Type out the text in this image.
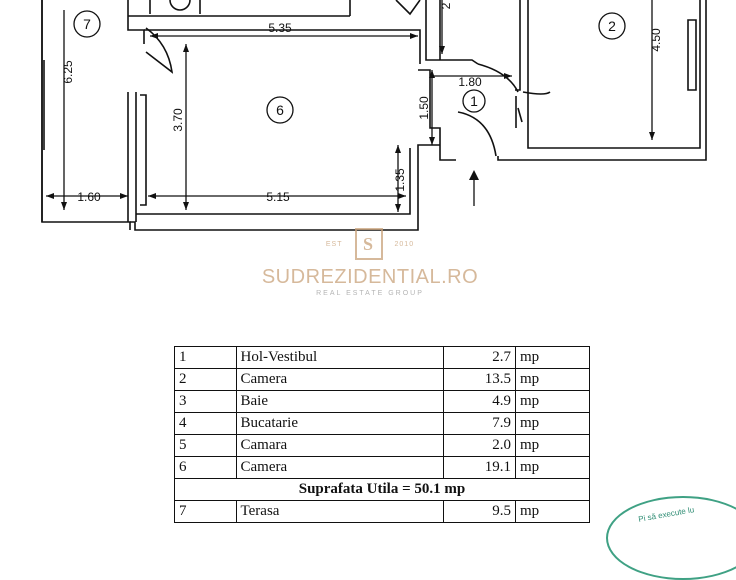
7
6
2
1
5.35
6.25
3.70
1.50
1.80
4.50
1.35
1.60	5.15
2
EST	S	2010
SUDREZIDENTIAL.RO
REAL ESTATE GROUP
1	Hol-Vestibul	2.7	mp
2	Camera	13.5	mp
3	Baie	4.9	mp
4	Bucatarie	7.9	mp
5	Camara	2.0	mp
6	Camera	19.1	mp
Suprafata Utila = 50.1 mp			
7	Terasa	9.5	mp	Pi să execute lu
